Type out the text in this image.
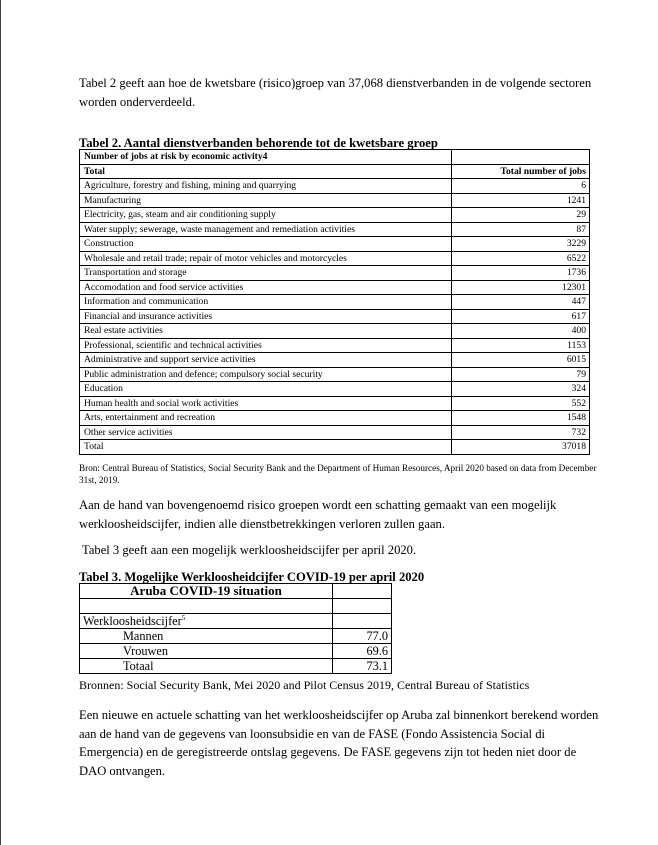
Tabel 2 geeft aan hoe de kwetsbare (risico)groep van 37,068 dienstverbanden in de volgende sectoren worden onderverdeeld.
Tabel 2. Aantal dienstverbanden behorende tot de kwetsbare groep
Number of jobs at risk by economic activity4	
Total	Total number of jobs
Agriculture, forestry and fishing, mining and quarrying	6
Manufacturing	1241
Electricity, gas, steam and air conditioning supply	29
Water supply; sewerage, waste management and remediation activities	87
Construction	3229
Wholesale and retail trade; repair of motor vehicles and motorcycles	6522
Transportation and storage	1736
Accomodation and food service activities	12301
Information and communication	447
Financial and insurance activities	617
Real estate activities	400
Professional, scientific and technical activities	1153
Administrative and support service activities	6015
Public administration and defence; compulsory social security	79
Education	324
Human health and social work activities	552
Arts, entertainment and recreation	1548
Other service activities	732
Total	37018
Bron: Central Bureau of Statistics, Social Security Bank and the Department of Human Resources, April 2020 based on data from December 31st, 2019.
Aan de hand van bovengenoemd risico groepen wordt een schatting gemaakt van een mogelijk werkloosheidscijfer, indien alle dienstbetrekkingen verloren zullen gaan.
Tabel 3 geeft aan een mogelijk werkloosheidscijfer per april 2020.
Tabel 3. Mogelijke Werkloosheidcijfer COVID-19 per april 2020
Aruba COVID-19 situation	

Werkloosheidscijfer$^5$	
Mannen	77.0
Vrouwen	69.6
Totaal	73.1
Bronnen: Social Security Bank, Mei 2020 and Pilot Census 2019, Central Bureau of Statistics
Een nieuwe en actuele schatting van het werkloosheidscijfer op Aruba zal binnenkort berekend worden aan de hand van de gegevens van loonsubsidie en van de FASE (Fondo Assistencia Social di Emergencia) en de geregistreerde ontslag gegevens. De FASE gegevens zijn tot heden niet door de DAO ontvangen.
